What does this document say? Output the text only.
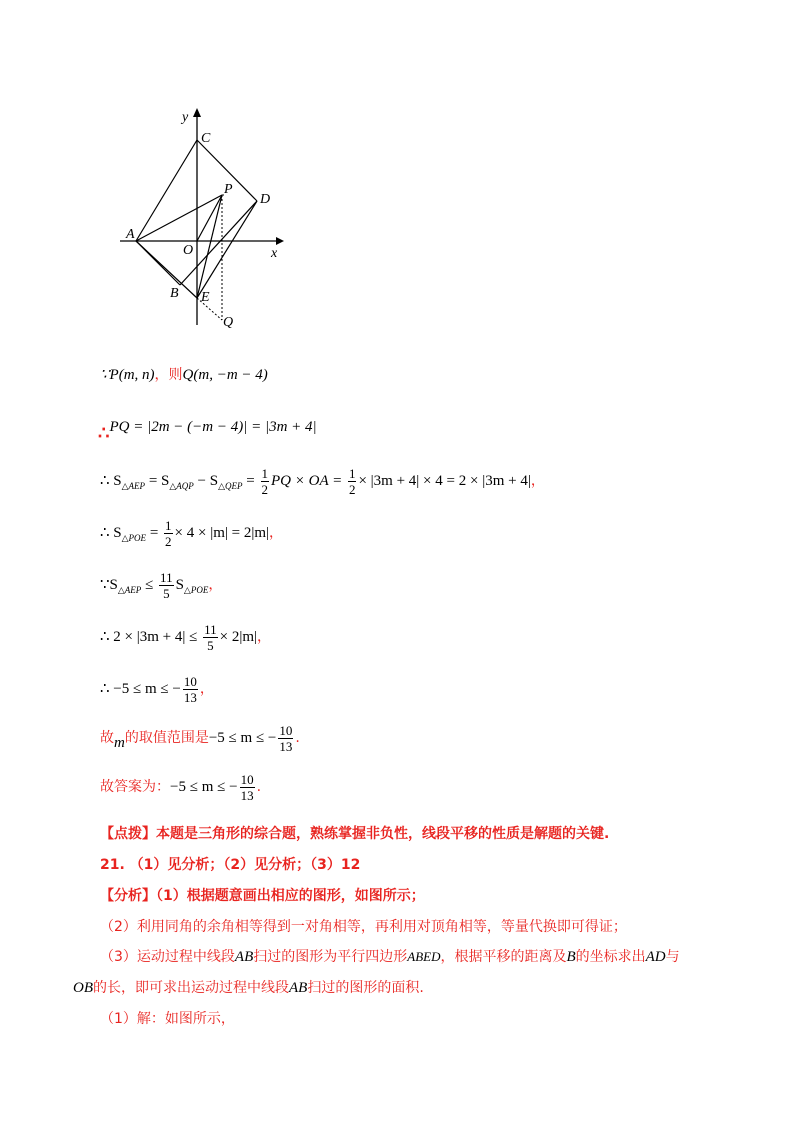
y
C
P
D
A
O	x
B E
Q
∵P(m, n)，则Q(m, −m − 4)
∴PQ = |2m − (−m − 4)| = |3m + 4|
∴ $S_{\triangle AEP} = S_{\triangle AQP} - S_{\triangle QEP} = \frac{1}{2}$ PQ × OA = $\frac{1}{2} \times |3m + 4| \times 4 = 2 \times |3m + 4|$，
∴ $S_{\triangle POE} = \frac{1}{2} \times 4 \times |m| = 2|m|$，
$\because S_{\triangle AEP} \le \frac{11}{5} S_{\triangle POE}$，
∴ $2 \times |3m + 4| \le \frac{11}{5} \times 2|m|$，
∴ −5 ≤ m ≤ − $\frac{10}{13}$ ，
故m的取值范围是−5 ≤ m ≤ − $\frac{10}{13}$ .
故答案为：−5 ≤ m ≤ − $\frac{10}{13}$ .
【点拨】本题是三角形的综合题，熟练掌握非负性，线段平移的性质是解题的关键.
21. （1）见分析；（2）见分析；（3）12
【分析】（1）根据题意画出相应的图形，如图所示；
（2）利用同角的余角相等得到一对角相等，再利用对顶角相等，等量代换即可得证；
（3）运动过程中线段AB扫过的图形为平行四边形ABED，根据平移的距离及B的坐标求出AD与
OB的长，即可求出运动过程中线段AB扫过的图形的面积.
（1）解：如图所示，
